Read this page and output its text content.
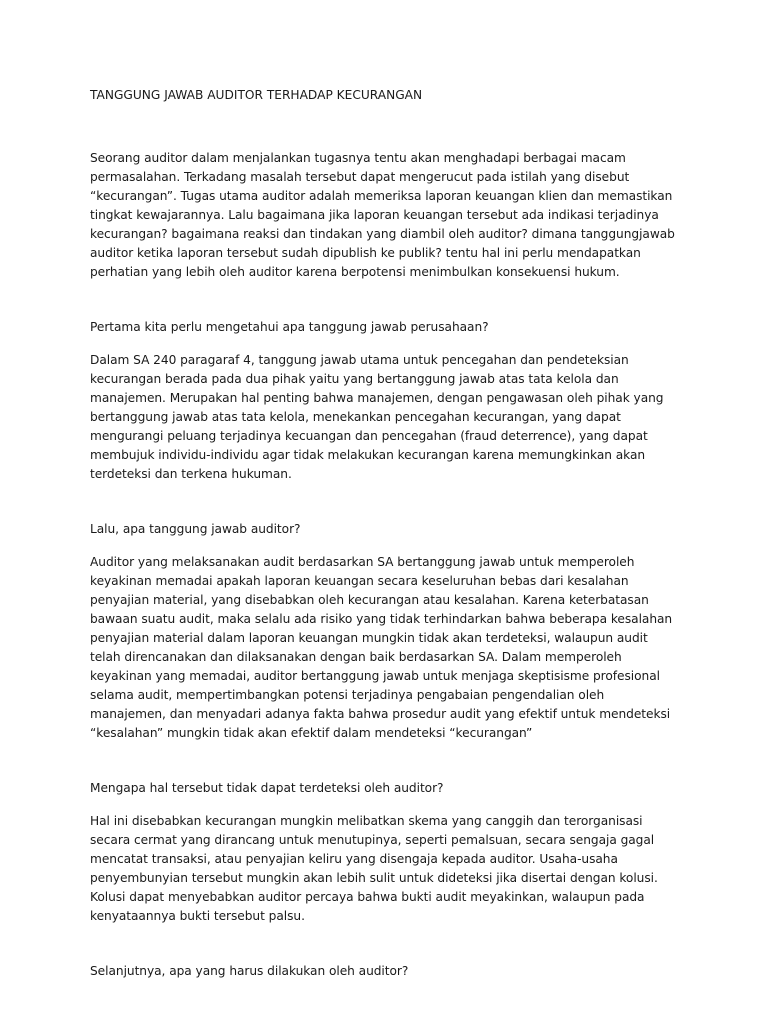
TANGGUNG JAWAB AUDITOR TERHADAP KECURANGAN

Seorang auditor dalam menjalankan tugasnya tentu akan menghadapi berbagai macam permasalahan. Terkadang masalah tersebut dapat mengerucut pada istilah yang disebut “kecurangan”. Tugas utama auditor adalah memeriksa laporan keuangan klien dan memastikan tingkat kewajarannya. Lalu bagaimana jika laporan keuangan tersebut ada indikasi terjadinya kecurangan? bagaimana reaksi dan tindakan yang diambil oleh auditor? dimana tanggungjawab auditor ketika laporan tersebut sudah dipublish ke publik? tentu hal ini perlu mendapatkan perhatian yang lebih oleh auditor karena berpotensi menimbulkan konsekuensi hukum.

Pertama kita perlu mengetahui apa tanggung jawab perusahaan?

Dalam SA 240 paragaraf 4, tanggung jawab utama untuk pencegahan dan pendeteksian kecurangan berada pada dua pihak yaitu yang bertanggung jawab atas tata kelola dan manajemen. Merupakan hal penting bahwa manajemen, dengan pengawasan oleh pihak yang bertanggung jawab atas tata kelola, menekankan pencegahan kecurangan, yang dapat mengurangi peluang terjadinya kecuangan dan pencegahan (fraud deterrence), yang dapat membujuk individu-individu agar tidak melakukan kecurangan karena memungkinkan akan terdeteksi dan terkena hukuman.

Lalu, apa tanggung jawab auditor?

Auditor yang melaksanakan audit berdasarkan SA bertanggung jawab untuk memperoleh keyakinan memadai apakah laporan keuangan secara keseluruhan bebas dari kesalahan penyajian material, yang disebabkan oleh kecurangan atau kesalahan. Karena keterbatasan bawaan suatu audit, maka selalu ada risiko yang tidak terhindarkan bahwa beberapa kesalahan penyajian material dalam laporan keuangan mungkin tidak akan terdeteksi, walaupun audit telah direncanakan dan dilaksanakan dengan baik berdasarkan SA. Dalam memperoleh keyakinan yang memadai, auditor bertanggung jawab untuk menjaga skeptisisme profesional selama audit, mempertimbangkan potensi terjadinya pengabaian pengendalian oleh manajemen, dan menyadari adanya fakta bahwa prosedur audit yang efektif untuk mendeteksi “kesalahan” mungkin tidak akan efektif dalam mendeteksi “kecurangan”

Mengapa hal tersebut tidak dapat terdeteksi oleh auditor?

Hal ini disebabkan kecurangan mungkin melibatkan skema yang canggih dan terorganisasi secara cermat yang dirancang untuk menutupinya, seperti pemalsuan, secara sengaja gagal mencatat transaksi, atau penyajian keliru yang disengaja kepada auditor. Usaha-usaha penyembunyian tersebut mungkin akan lebih sulit untuk dideteksi jika disertai dengan kolusi. Kolusi dapat menyebabkan auditor percaya bahwa bukti audit meyakinkan, walaupun pada kenyataannya bukti tersebut palsu.

Selanjutnya, apa yang harus dilakukan oleh auditor?
